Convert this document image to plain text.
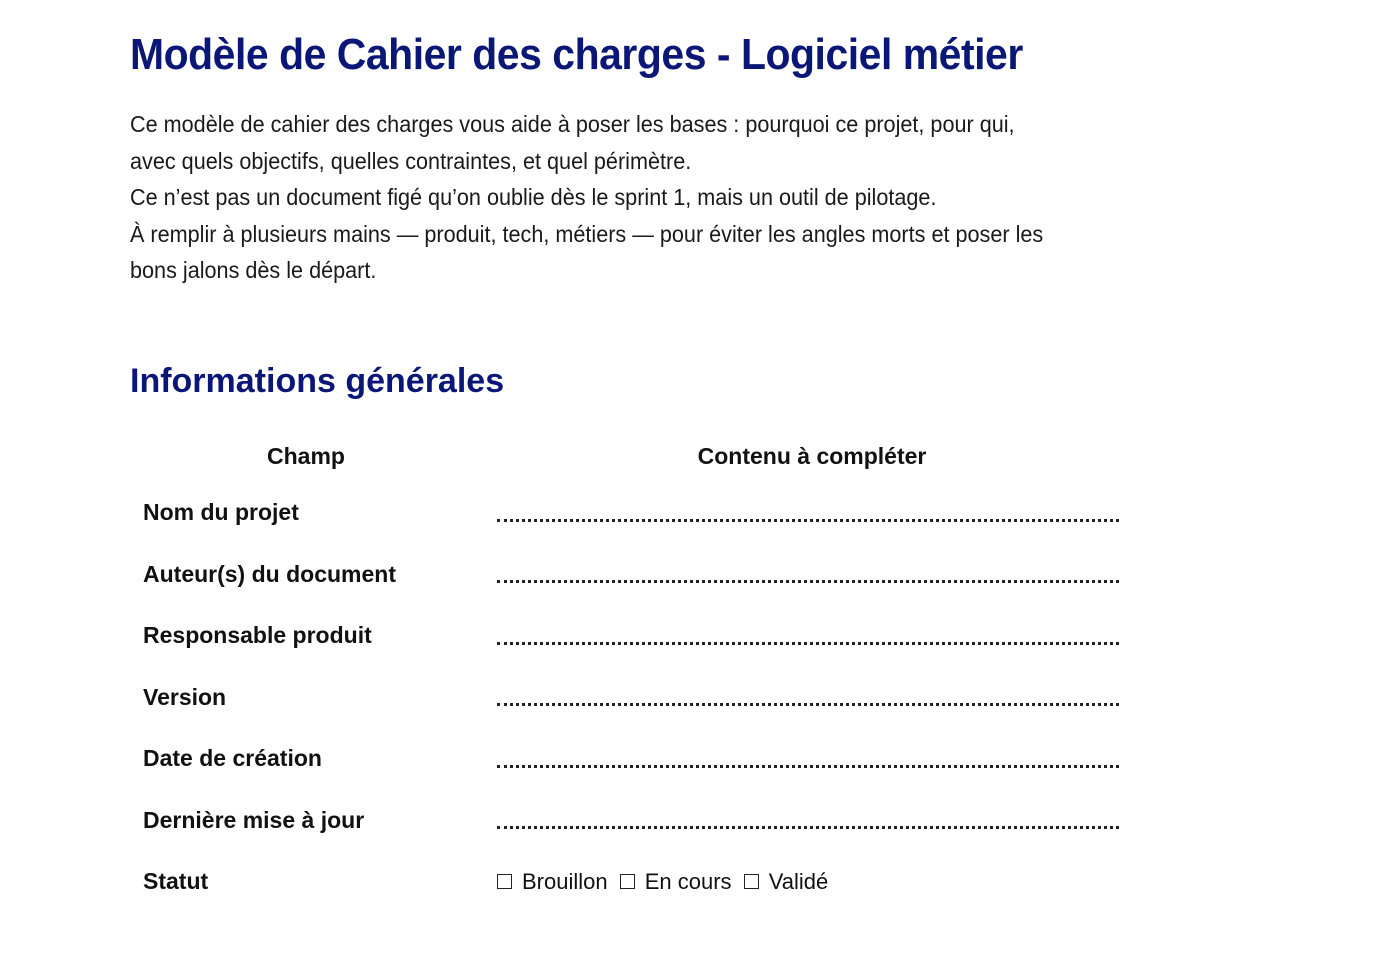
Modèle de Cahier des charges - Logiciel métier

Ce modèle de cahier des charges vous aide à poser les bases : pourquoi ce projet, pour qui,

avec quels objectifs, quelles contraintes, et quel périmètre.

Ce n’est pas un document figé qu’on oublie dès le sprint 1, mais un outil de pilotage.

À remplir à plusieurs mains — produit, tech, métiers — pour éviter les angles morts et poser les

bons jalons dès le départ.

Informations générales
Champ	Contenu à compléter
Nom du projet	
Auteur(s) du document	
Responsable produit	
Version	
Date de création	
Dernière mise à jour	
Statut	Brouillon En cours Validé
